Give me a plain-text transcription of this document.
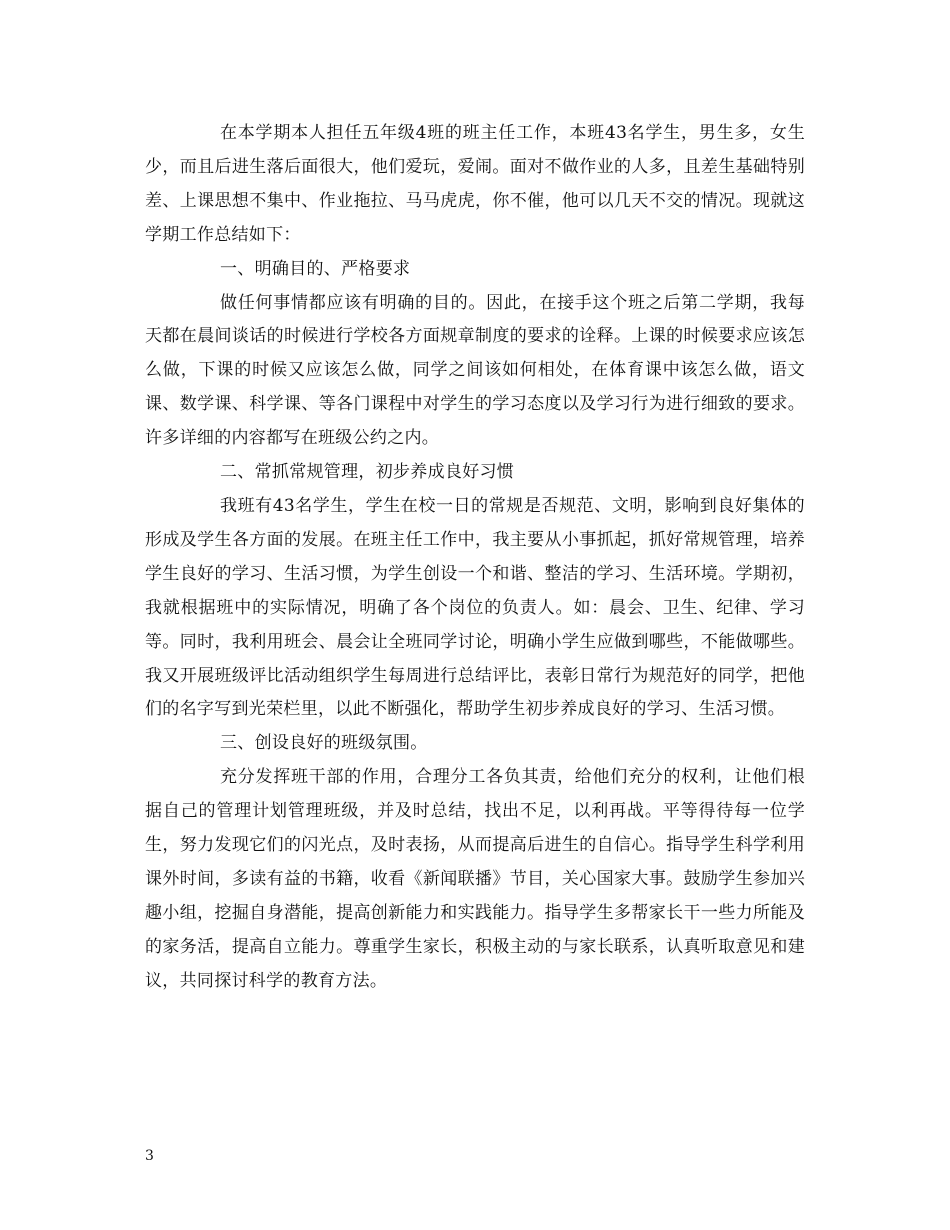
在本学期本人担任五年级4班的班主任工作，本班43名学生，男生多，女生少，而且后进生落后面很大，他们爱玩，爱闹。面对不做作业的人多，且差生基础特别差、上课思想不集中、作业拖拉、马马虎虎，你不催，他可以几天不交的情况。现就这学期工作总结如下：

一、明确目的、严格要求

做任何事情都应该有明确的目的。因此，在接手这个班之后第二学期，我每天都在晨间谈话的时候进行学校各方面规章制度的要求的诠释。上课的时候要求应该怎么做，下课的时候又应该怎么做，同学之间该如何相处，在体育课中该怎么做，语文课、数学课、科学课、等各门课程中对学生的学习态度以及学习行为进行细致的要求。许多详细的内容都写在班级公约之内。

二、常抓常规管理，初步养成良好习惯

我班有43名学生，学生在校一日的常规是否规范、文明，影响到良好集体的形成及学生各方面的发展。在班主任工作中，我主要从小事抓起，抓好常规管理，培养学生良好的学习、生活习惯，为学生创设一个和谐、整洁的学习、生活环境。学期初，我就根据班中的实际情况，明确了各个岗位的负责人。如：晨会、卫生、纪律、学习等。同时，我利用班会、晨会让全班同学讨论，明确小学生应做到哪些，不能做哪些。我又开展班级评比活动组织学生每周进行总结评比，表彰日常行为规范好的同学，把他们的名字写到光荣栏里，以此不断强化，帮助学生初步养成良好的学习、生活习惯。

三、创设良好的班级氛围。

充分发挥班干部的作用，合理分工各负其责，给他们充分的权利，让他们根据自己的管理计划管理班级，并及时总结，找出不足，以利再战。平等得待每一位学生，努力发现它们的闪光点，及时表扬，从而提高后进生的自信心。指导学生科学利用课外时间，多读有益的书籍，收看《新闻联播》节目，关心国家大事。鼓励学生参加兴趣小组，挖掘自身潜能，提高创新能力和实践能力。指导学生多帮家长干一些力所能及的家务活，提高自立能力。尊重学生家长，积极主动的与家长联系，认真听取意见和建议，共同探讨科学的教育方法。

3
